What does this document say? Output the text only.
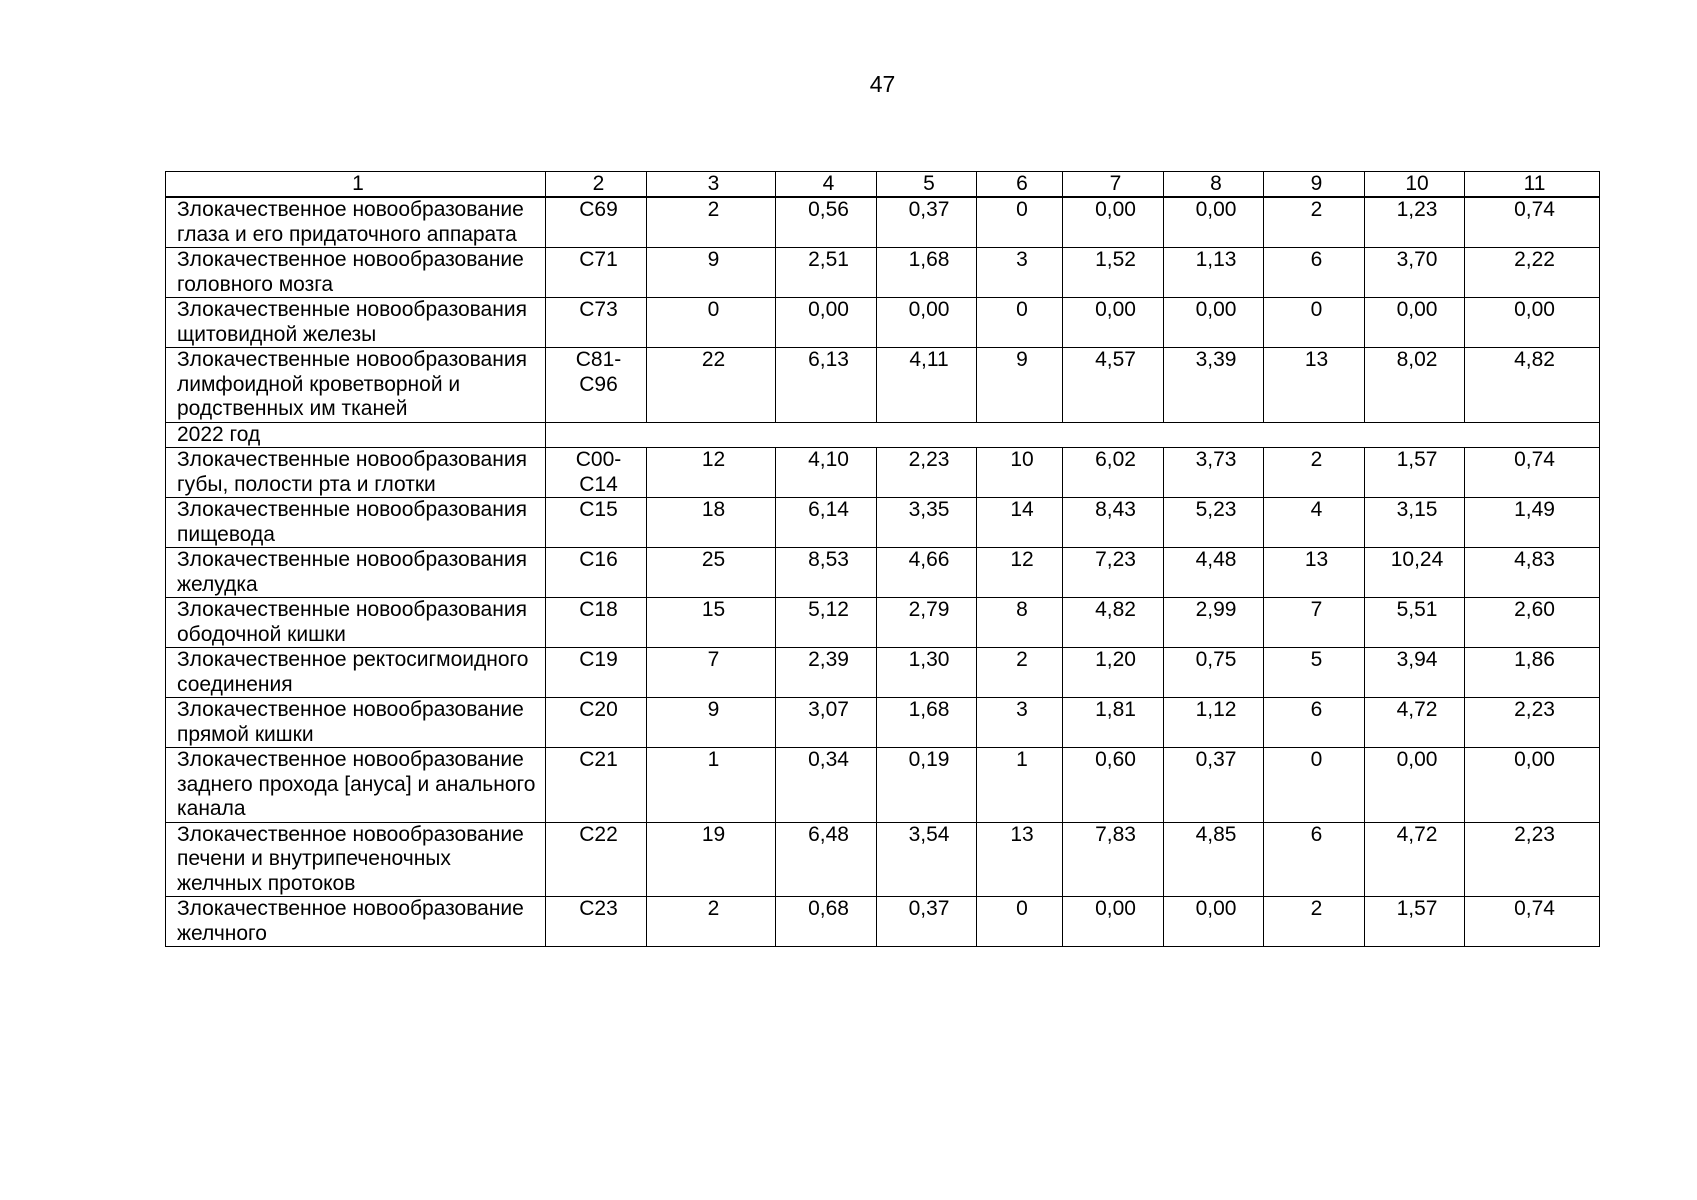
47
1	2	3	4	5	6	7	8	9	10	11
Злокачественное новообразование глаза и его придаточного аппарата	C69	2	0,56	0,37	0	0,00	0,00	2	1,23	0,74
Злокачественное новообразование головного мозга	C71	9	2,51	1,68	3	1,52	1,13	6	3,70	2,22
Злокачественные новообразования щитовидной железы	C73	0	0,00	0,00	0	0,00	0,00	0	0,00	0,00
Злокачественные новообразования лимфоидной кроветворной и родственных им тканей	C81-C96	22	6,13	4,11	9	4,57	3,39	13	8,02	4,82
2022 год										
Злокачественные новообразования губы, полости рта и глотки	C00-C14	12	4,10	2,23	10	6,02	3,73	2	1,57	0,74
Злокачественные новообразования пищевода	C15	18	6,14	3,35	14	8,43	5,23	4	3,15	1,49
Злокачественные новообразования желудка	C16	25	8,53	4,66	12	7,23	4,48	13	10,24	4,83
Злокачественные новообразования ободочной кишки	C18	15	5,12	2,79	8	4,82	2,99	7	5,51	2,60
Злокачественное ректосигмоидного соединения	C19	7	2,39	1,30	2	1,20	0,75	5	3,94	1,86
Злокачественное новообразование прямой кишки	C20	9	3,07	1,68	3	1,81	1,12	6	4,72	2,23
Злокачественное новообразование заднего прохода [ануса] и анального канала	C21	1	0,34	0,19	1	0,60	0,37	0	0,00	0,00
Злокачественное новообразование печени и внутрипеченочных желчных протоков	C22	19	6,48	3,54	13	7,83	4,85	6	4,72	2,23
Злокачественное новообразование желчного	C23	2	0,68	0,37	0	0,00	0,00	2	1,57	0,74
